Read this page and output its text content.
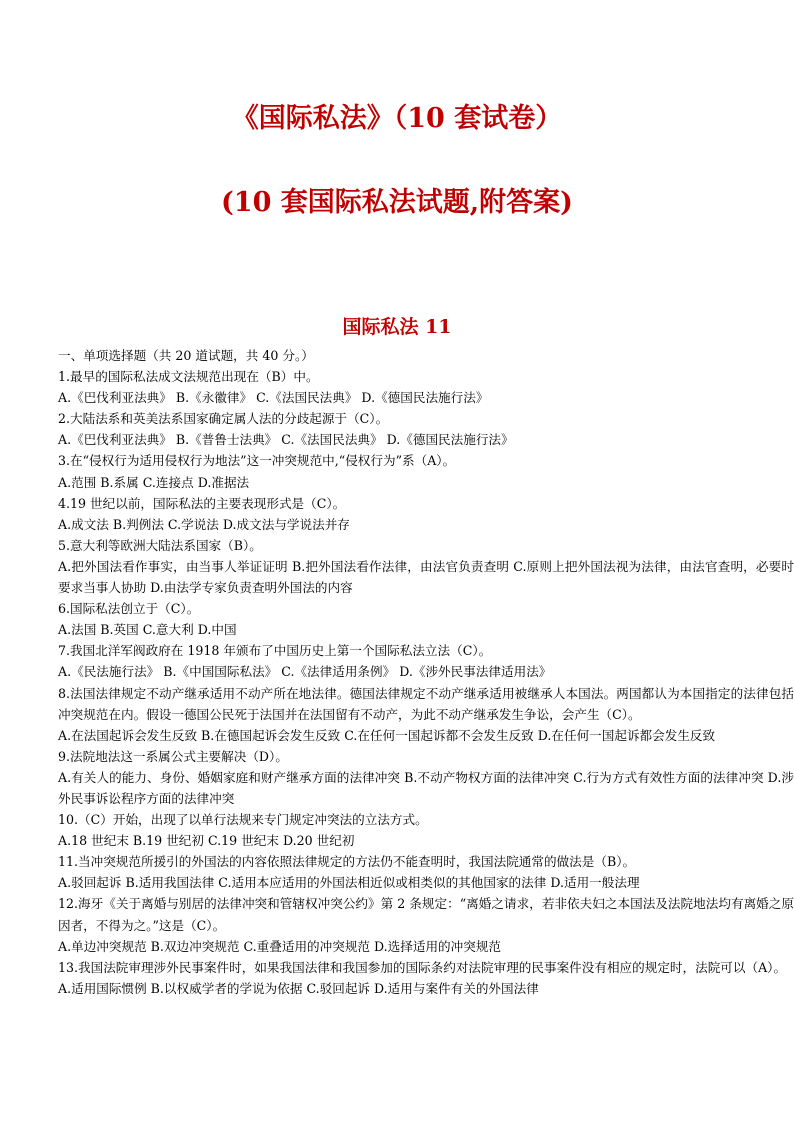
《国际私法》（10 套试卷）
(10 套国际私法试题,附答案)
国际私法 11

一、单项选择题（共 20 道试题，共 40 分。）

1.最早的国际私法成文法规范出现在（B）中。

A.《巴伐利亚法典》 B.《永徽律》 C.《法国民法典》 D.《德国民法施行法》

2.大陆法系和英美法系国家确定属人法的分歧起源于（C）。

A.《巴伐利亚法典》 B.《普鲁士法典》 C.《法国民法典》 D.《德国民法施行法》

3.在“侵权行为适用侵权行为地法”这一冲突规范中,“侵权行为”系（A）。

A.范围 B.系属 C.连接点 D.准据法

4.19 世纪以前，国际私法的主要表现形式是（C）。

A.成文法 B.判例法 C.学说法 D.成文法与学说法并存

5.意大利等欧洲大陆法系国家（B）。

A.把外国法看作事实，由当事人举证证明 B.把外国法看作法律，由法官负责查明 C.原则上把外国法视为法律，由法官查明，必要时要求当事人协助 D.由法学专家负责查明外国法的内容

6.国际私法创立于（C）。

A.法国 B.英国 C.意大利 D.中国

7.我国北洋军阀政府在 1918 年颁布了中国历史上第一个国际私法立法（C）。

A.《民法施行法》 B.《中国国际私法》 C.《法律适用条例》 D.《涉外民事法律适用法》

8.法国法律规定不动产继承适用不动产所在地法律。德国法律规定不动产继承适用被继承人本国法。两国都认为本国指定的法律包括冲突规范在内。假设一德国公民死于法国并在法国留有不动产，为此不动产继承发生争讼，会产生（C）。

A.在法国起诉会发生反致 B.在德国起诉会发生反致 C.在任何一国起诉都不会发生反致 D.在任何一国起诉都会发生反致

9.法院地法这一系属公式主要解决（D）。

A.有关人的能力、身份、婚姻家庭和财产继承方面的法律冲突 B.不动产物权方面的法律冲突 C.行为方式有效性方面的法律冲突 D.涉外民事诉讼程序方面的法律冲突

10.（C）开始，出现了以单行法规来专门规定冲突法的立法方式。

A.18 世纪末 B.19 世纪初 C.19 世纪末 D.20 世纪初

11.当冲突规范所援引的外国法的内容依照法律规定的方法仍不能查明时，我国法院通常的做法是（B）。

A.驳回起诉 B.适用我国法律 C.适用本应适用的外国法相近似或相类似的其他国家的法律 D.适用一般法理

12.海牙《关于离婚与别居的法律冲突和管辖权冲突公约》第 2 条规定：“离婚之请求，若非依夫妇之本国法及法院地法均有离婚之原因者，不得为之。”这是（C）。

A.单边冲突规范 B.双边冲突规范 C.重叠适用的冲突规范 D.选择适用的冲突规范

13.我国法院审理涉外民事案件时，如果我国法律和我国参加的国际条约对法院审理的民事案件没有相应的规定时，法院可以（A）。

A.适用国际惯例 B.以权威学者的学说为依据 C.驳回起诉 D.适用与案件有关的外国法律
